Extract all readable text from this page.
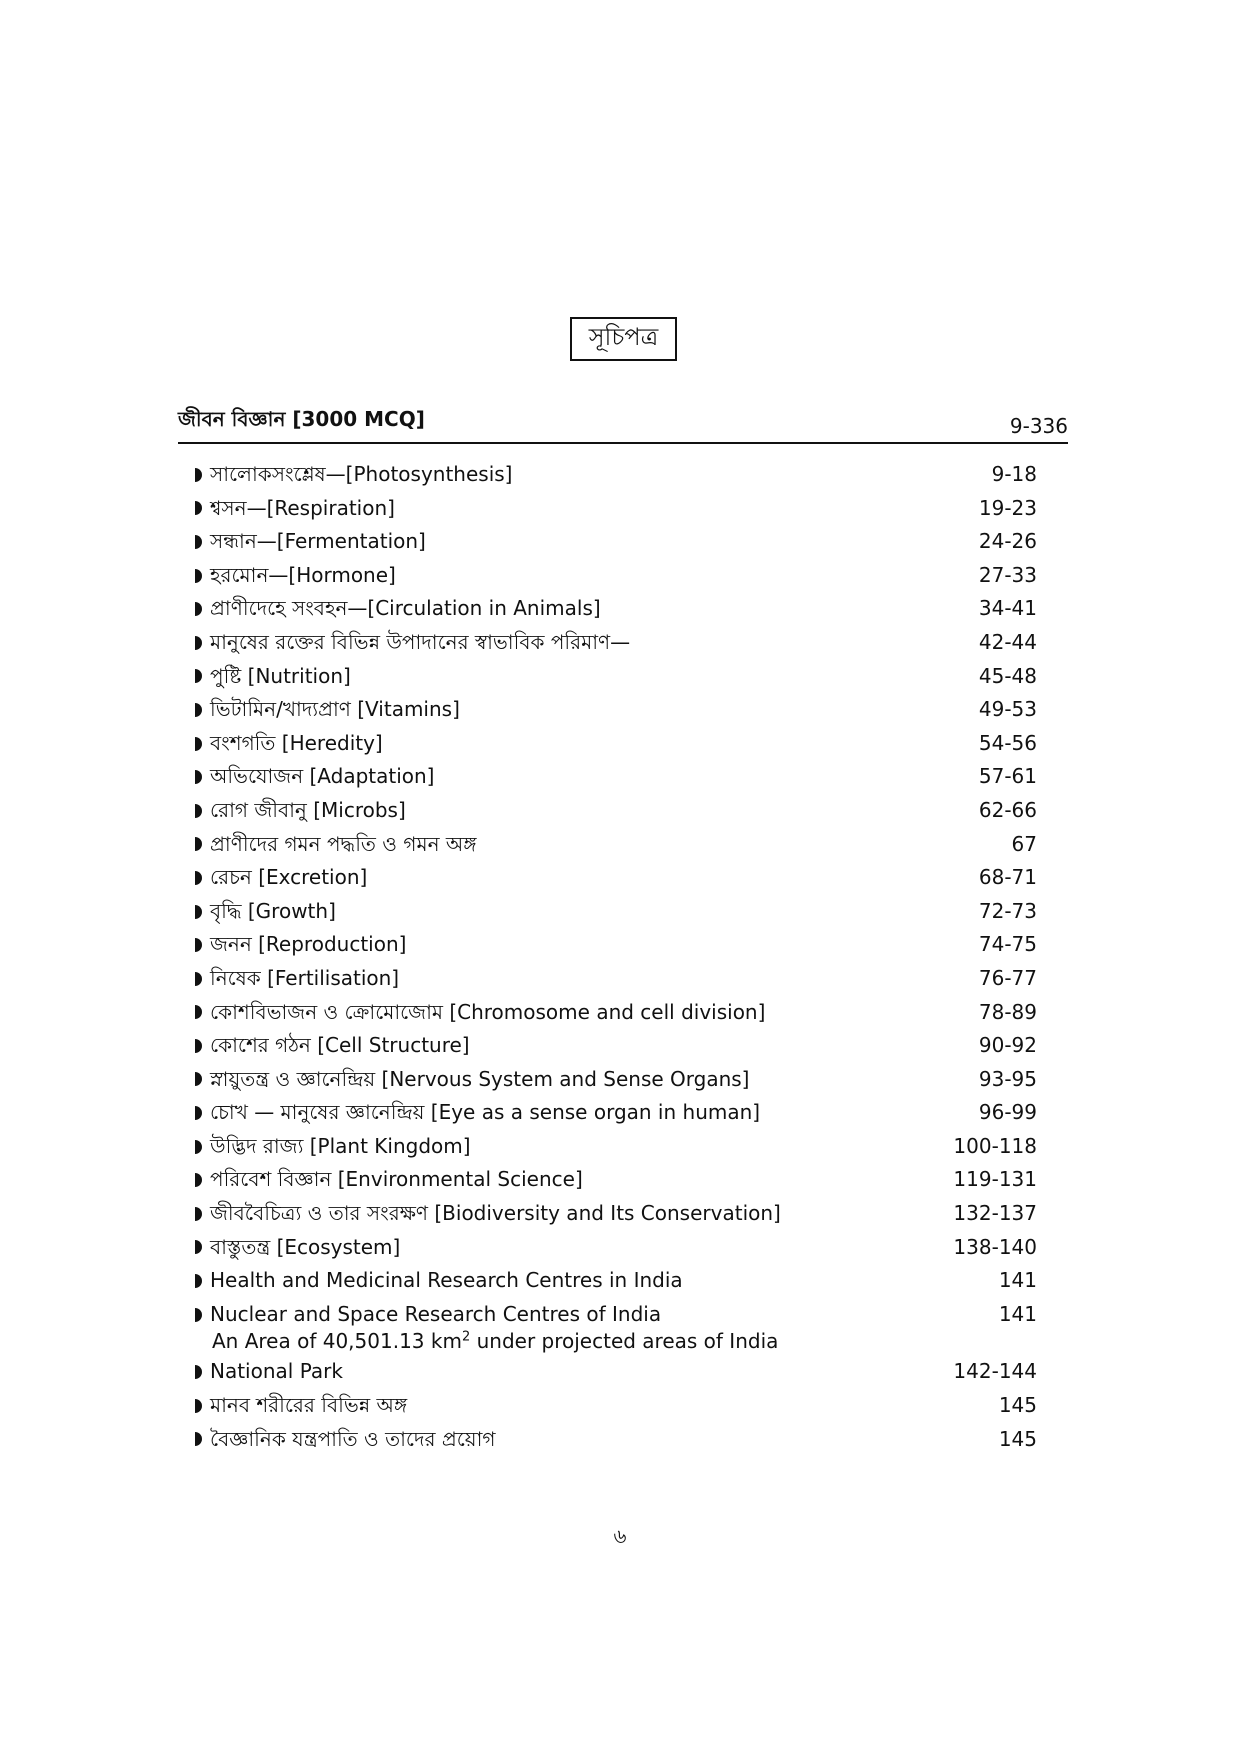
সূচিপত্র
জীবন বিজ্ঞান [3000 MCQ]	9-336
সালোকসংশ্লেষ—[Photosynthesis]	9-18
শ্বসন—[Respiration]	19-23
সন্ধান—[Fermentation]	24-26
হরমোন—[Hormone]	27-33
প্রাণীদেহে সংবহন—[Circulation in Animals]	34-41
মানুষের রক্তের বিভিন্ন উপাদানের স্বাভাবিক পরিমাণ—	42-44
পুষ্টি [Nutrition]	45-48
ভিটামিন/খাদ্যপ্রাণ [Vitamins]	49-53
বংশগতি [Heredity]	54-56
অভিযোজন [Adaptation]	57-61
রোগ জীবানু [Microbs]	62-66
প্রাণীদের গমন পদ্ধতি ও গমন অঙ্গ	67
রেচন [Excretion]	68-71
বৃদ্ধি [Growth]	72-73
জনন [Reproduction]	74-75
নিষেক [Fertilisation]	76-77
কোশবিভাজন ও ক্রোমোজোম [Chromosome and cell division]	78-89
কোশের গঠন [Cell Structure]	90-92
স্নায়ুতন্ত্র ও জ্ঞানেন্দ্রিয় [Nervous System and Sense Organs]	93-95
চোখ — মানুষের জ্ঞানেন্দ্রিয় [Eye as a sense organ in human]	96-99
উদ্ভিদ রাজ্য [Plant Kingdom]	100-118
পরিবেশ বিজ্ঞান [Environmental Science]	119-131
জীববৈচিত্র্য ও তার সংরক্ষণ [Biodiversity and Its Conservation]	132-137
বাস্তুতন্ত্র [Ecosystem]	138-140
Health and Medicinal Research Centres in India	141
Nuclear and Space Research Centres of India	141
An Area of 40,501.13 $km^2$ under projected areas of India
National Park	142-144
মানব শরীরের বিভিন্ন অঙ্গ	145
বৈজ্ঞানিক যন্ত্রপাতি ও তাদের প্রয়োগ	145
৬
